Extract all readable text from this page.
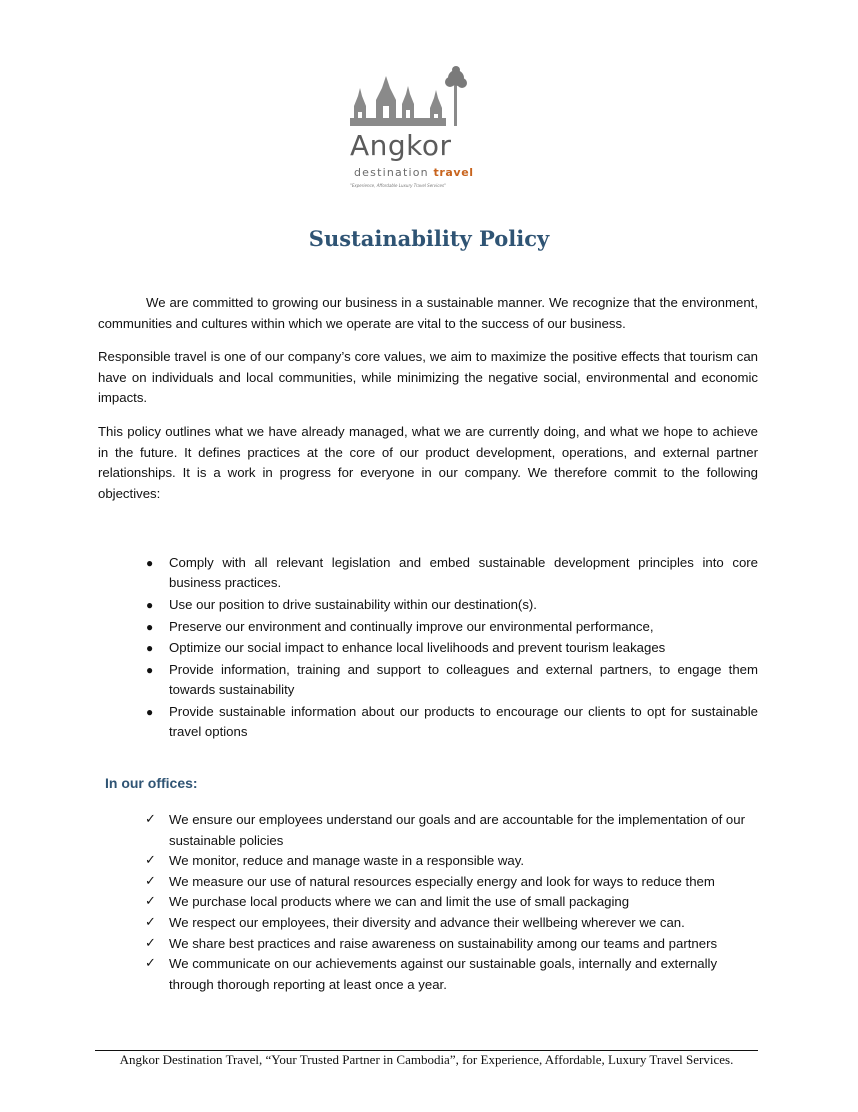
Angkor
destination travel
"Experience, Affordable Luxury Travel Services"
Sustainability Policy

We are committed to growing our business in a sustainable manner. We recognize that the environment, communities and cultures within which we operate are vital to the success of our business.

Responsible travel is one of our company’s core values, we aim to maximize the positive effects that tourism can have on individuals and local communities, while minimizing the negative social, environmental and economic impacts.

This policy outlines what we have already managed, what we are currently doing, and what we hope to achieve in the future. It defines practices at the core of our product development, operations, and external partner relationships. It is a work in progress for everyone in our company. We therefore commit to the following objectives:

● Comply with all relevant legislation and embed sustainable development principles into core business practices.
● Use our position to drive sustainability within our destination(s).
● Preserve our environment and continually improve our environmental performance,
● Optimize our social impact to enhance local livelihoods and prevent tourism leakages
● Provide information, training and support to colleagues and external partners, to engage them towards sustainability
● Provide sustainable information about our products to encourage our clients to opt for sustainable travel options
In our offices:
✓ We ensure our employees understand our goals and are accountable for the implementation of our sustainable policies
✓ We monitor, reduce and manage waste in a responsible way.
✓ We measure our use of natural resources especially energy and look for ways to reduce them
✓ We purchase local products where we can and limit the use of small packaging
✓ We respect our employees, their diversity and advance their wellbeing wherever we can.
✓ We share best practices and raise awareness on sustainability among our teams and partners
✓ We communicate on our achievements against our sustainable goals, internally and externally through thorough reporting at least once a year.
Angkor Destination Travel, “Your Trusted Partner in Cambodia”, for Experience, Affordable, Luxury Travel Services.
